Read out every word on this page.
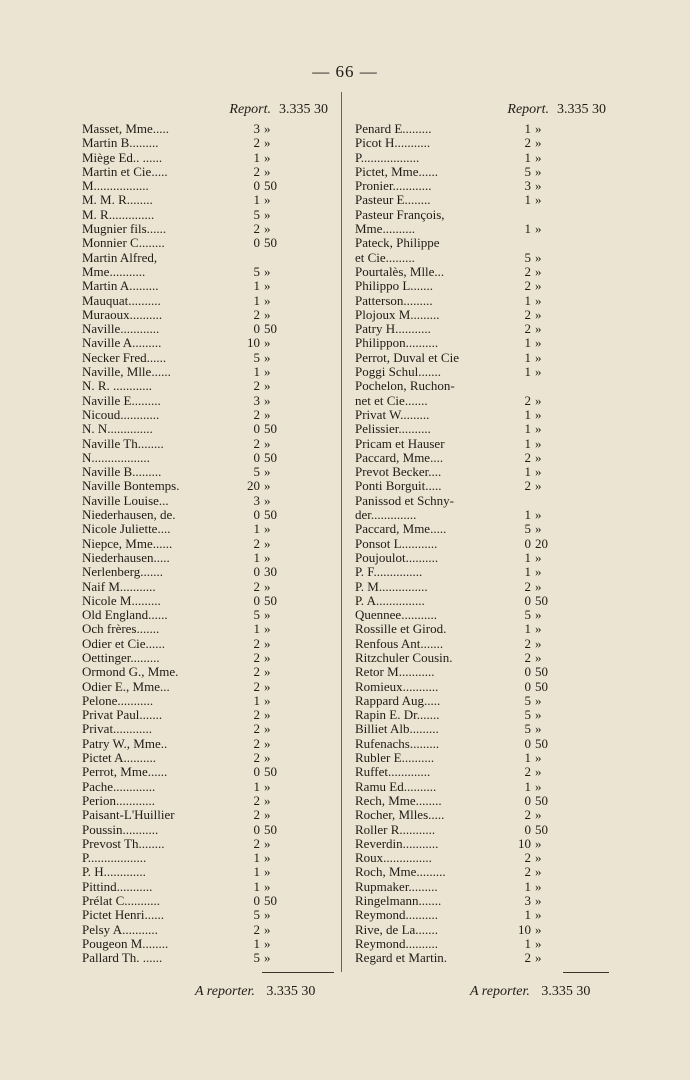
— 66 —
Report. 3.335 30
Masset, Mme.....	3 »
Martin B.........	2 »
Miège Ed.. ......	1 »
Martin et Cie.....	2 »
M.................	0 50
M. M. R........	1 »
M. R..............	5 »
Mugnier fils......	2 »
Monnier C........	0 50
Martin Alfred,
Mme...........	5 »
Martin A.........	1 »
Mauquat..........	1 »
Muraoux..........	2 »
Naville............	0 50
Naville A.........	10 »
Necker Fred......	5 »
Naville, Mlle......	1 »
N. R. ............	2 »
Naville E.........	3 »
Nicoud............	2 »
N. N..............	0 50
Naville Th........	2 »
N..................	0 50
Naville B.........	5 »
Naville Bontemps.	20 »
Naville Louise...	3 »
Niederhausen, de.	0 50
Nicole Juliette....	1 »
Niepce, Mme......	2 »
Niederhausen.....	1 »
Nerlenberg.......	0 30
Naif M...........	2 »
Nicole M.........	0 50
Old England......	5 »
Och frères.......	1 »
Odier et Cie......	2 »
Oettinger.........	2 »
Ormond G., Mme.	2 »
Odier E., Mme...	2 »
Pelone...........	1 »
Privat Paul.......	2 »
Privat............	2 »
Patry W., Mme..	2 »
Pictet A..........	2 »
Perrot, Mme......	0 50
Pache.............	1 »
Perion............	2 »
Paisant-L'Huillier	2 »
Poussin...........	0 50
Prevost Th........	2 »
P..................	1 »
P. H.............	1 »
Pittind...........	1 »
Prélat C...........	0 50
Pictet Henri......	5 »
Pelsy A...........	2 »
Pougeon M........	1 »
Pallard Th. ......	5 »
Report. 3.335 30
Penard E.........	1 »
Picot H...........	2 »
P..................	1 »
Pictet, Mme......	5 »
Pronier............	3 »
Pasteur E........	1 »
Pasteur François,
Mme..........	1 »
Pateck, Philippe
et Cie.........	5 »
Pourtalès, Mlle...	2 »
Philippo L.......	2 »
Patterson.........	1 »
Plojoux M.........	2 »
Patry H...........	2 »
Philippon..........	1 »
Perrot, Duval et Cie	1 »
Poggi Schul.......	1 »
Pochelon, Ruchon-
net et Cie.......	2 »
Privat W.........	1 »
Pelissier..........	1 »
Pricam et Hauser	1 »
Paccard, Mme....	2 »
Prevot Becker....	1 »
Ponti Borguit.....	2 »
Panissod et Schny-
der..............	1 »
Paccard, Mme.....	5 »
Ponsot L...........	0 20
Poujoulot..........	1 »
P. F...............	1 »
P. M...............	2 »
P. A...............	0 50
Quennee...........	5 »
Rossille et Girod.	1 »
Renfous Ant.......	2 »
Ritzchuler Cousin.	2 »
Retor M...........	0 50
Romieux...........	0 50
Rappard Aug.....	5 »
Rapin E. Dr.......	5 »
Billiet Alb.........	5 »
Rufenachs.........	0 50
Rubler E..........	1 »
Ruffet.............	2 »
Ramu Ed..........	1 »
Rech, Mme........	0 50
Rocher, Mlles.....	2 »
Roller R...........	0 50
Reverdin...........	10 »
Roux...............	2 »
Roch, Mme.........	2 »
Rupmaker.........	1 »
Ringelmann.......	3 »
Reymond..........	1 »
Rive, de La.......	10 »
Reymond..........	1 »
Regard et Martin.	2 »
A reporter. 3.335 30	A reporter. 3.335 30
